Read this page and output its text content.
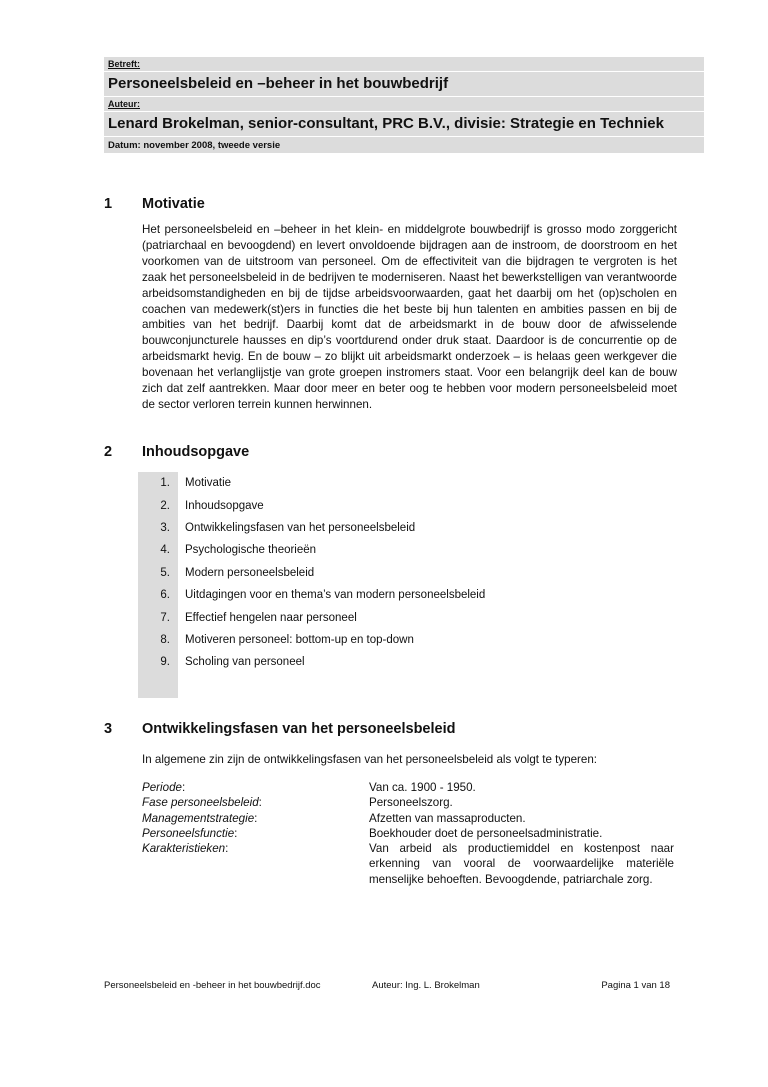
Betreft:
Personeelsbeleid en –beheer in het bouwbedrijf
Auteur:
Lenard Brokelman, senior-consultant, PRC B.V., divisie: Strategie en Techniek
Datum: november 2008, tweede versie
1 Motivatie

Het personeelsbeleid en –beheer in het klein- en middelgrote bouwbedrijf is grosso modo zorggericht (patriarchaal en bevoogdend) en levert onvoldoende bijdragen aan de instroom, de doorstroom en het voorkomen van de uitstroom van personeel. Om de effectiviteit van die bijdragen te vergroten is het zaak het personeelsbeleid in de bedrijven te moderniseren. Naast het bewerkstelligen van verantwoorde arbeidsomstandigheden en bij de tijdse arbeidsvoorwaarden, gaat het daarbij om het (op)scholen en coachen van medewerk(st)ers in functies die het beste bij hun talenten en ambities passen en bij de ambities van het bedrijf. Daarbij komt dat de arbeidsmarkt in de bouw door de afwisselende bouwconjuncturele hausses en dip’s voortdurend onder druk staat. Daardoor is de concurrentie op de arbeidsmarkt hevig. En de bouw – zo blijkt uit arbeidsmarkt onderzoek – is helaas geen werkgever die bovenaan het verlanglijstje van grote groepen instromers staat. Voor een belangrijk deel kan de bouw zich dat zelf aantrekken. Maar door meer en beter oog te hebben voor modern personeelsbeleid moet de sector verloren terrein kunnen herwinnen.

2 Inhoudsopgave
1.	Motivatie
2.	Inhoudsopgave
3.	Ontwikkelingsfasen van het personeelsbeleid
4.	Psychologische theorieën
5.	Modern personeelsbeleid
6.	Uitdagingen voor en thema’s van modern personeelsbeleid
7.	Effectief hengelen naar personeel
8.	Motiveren personeel: bottom-up en top-down
9.	Scholing van personeel

3 Ontwikkelingsfasen van het personeelsbeleid
In algemene zin zijn de ontwikkelingsfasen van het personeelsbeleid als volgt te typeren:
Periode:	Van ca. 1900 - 1950.
Fase personeelsbeleid:	Personeelszorg.
Managementstrategie:	Afzetten van massaproducten.
Personeelsfunctie:	Boekhouder doet de personeelsadministratie.
Karakteristieken:	Van arbeid als productiemiddel en kostenpost naar erkenning van vooral de voorwaardelijke materiële menselijke behoeften. Bevoogdende, patriarchale zorg.
Personeelsbeleid en -beheer in het bouwbedrijf.doc	Auteur: Ing. L. Brokelman	Pagina 1 van 18
